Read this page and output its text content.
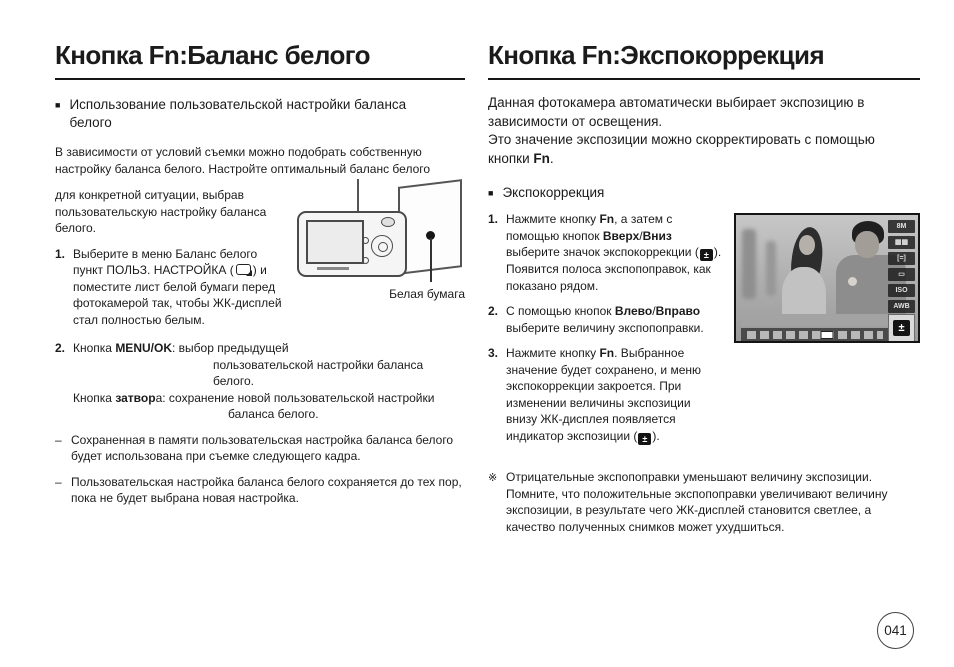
Кнопка Fn:Баланс белого
■ Использование пользовательской настройки баланса белого

В зависимости от условий съемки можно подобрать собственную настройку баланса белого. Настройте оптимальный баланс белого

Белая бумага

для конкретной ситуации, выбрав пользовательскую настройку баланса белого.

1. Выберите в меню Баланс белого пункт ПОЛЬЗ. НАСТРОЙКА ( ) и поместите лист белой бумаги перед фотокамерой так, чтобы ЖК-дисплей стал полностью белым.
2. Кнопка MENU/OK: выбор предыдущей
пользовательской настройки баланса белого.
Кнопка затвора: сохранение новой пользовательской настройки
баланса белого.
– Сохраненная в памяти пользовательская настройка баланса белого будет использована при съемке следующего кадра.
– Пользовательская настройка баланса белого сохраняется до тех пор, пока не будет выбрана новая настройка.
Кнопка Fn:Экспокоррекция

Данная фотокамера автоматически выбирает экспозицию в зависимости от освещения.
Это значение экспозиции можно скорректировать с помощью кнопки Fn.

■ Экспокоррекция
8M
▦▦
[=]
▭
ISO
AWB
±
1. Нажмите кнопку Fn, а затем с помощью кнопок Вверх/Вниз выберите значок экспокоррекции ( ± ). Появится полоса экспопоправок, как показано рядом.
2. С помощью кнопок Влево/Вправо выберите величину экспопоправки.
3. Нажмите кнопку Fn. Выбранное значение будет сохранено, и меню экспокоррекции закроется. При изменении величины экспозиции внизу ЖК-дисплея появляется индикатор экспозиции ( ± ).
※ Отрицательные экспопоправки уменьшают величину экспозиции. Помните, что положительные экспопоправки увеличивают величину экспозиции, в результате чего ЖК-дисплей становится светлее, а качество полученных снимков может ухудшиться.
041
